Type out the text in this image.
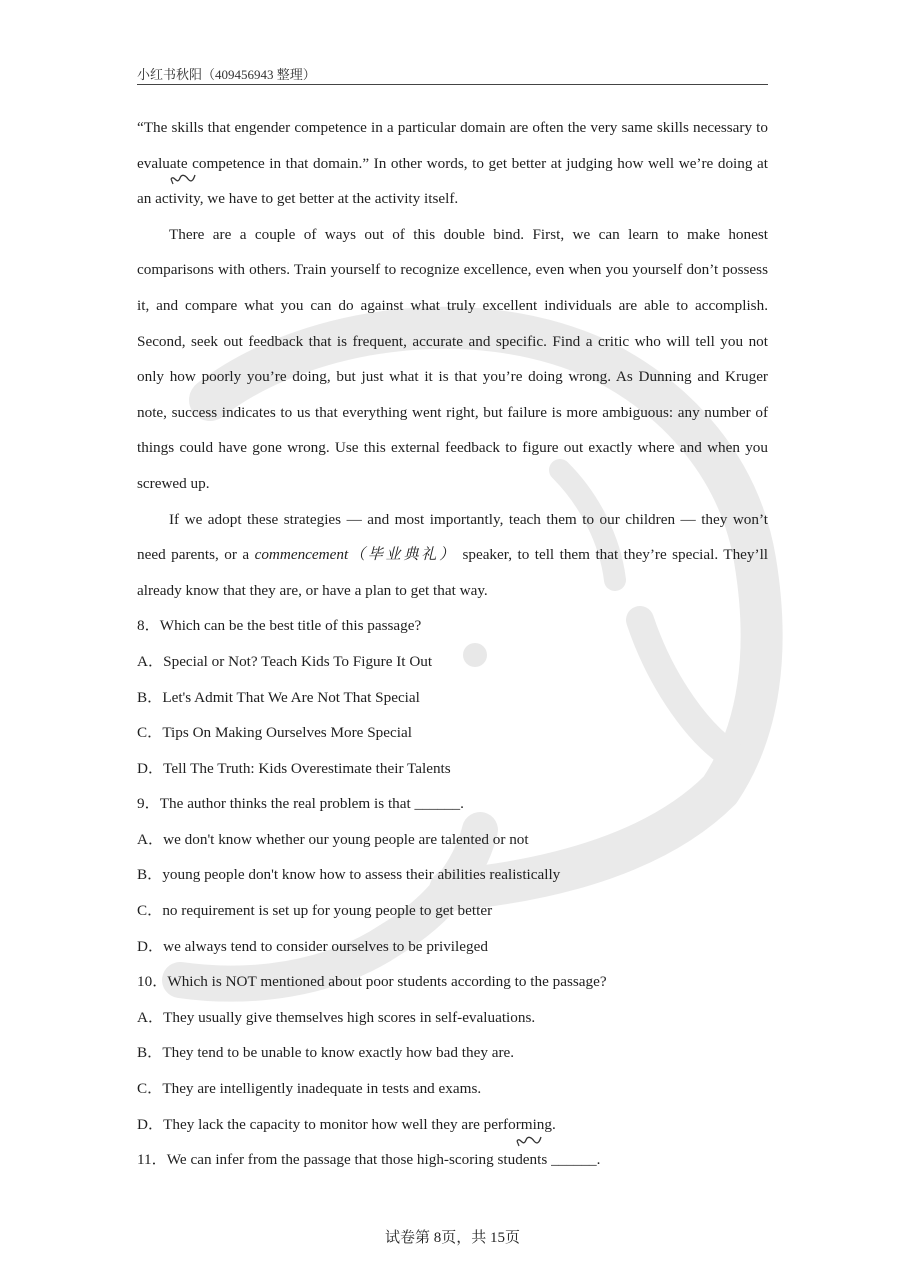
小红书秋阳（409456943 整理）

“The skills that engender competence in a particular domain are often the very same skills necessary to evaluate competence in that domain.” In other words, to get better at judging how well we’re doing at an activity, we have to get better at the activity itself.

There are a couple of ways out of this double bind. First, we can learn to make honest comparisons with others. Train yourself to recognize excellence, even when you yourself don’t possess it, and compare what you can do against what truly excellent individuals are able to accomplish. Second, seek out feedback that is frequent, accurate and specific. Find a critic who will tell you not only how poorly you’re doing, but just what it is that you’re doing wrong. As Dunning and Kruger note, success indicates to us that everything went right, but failure is more ambiguous: any number of things could have gone wrong. Use this external feedback to figure out exactly where and when you screwed up.

If we adopt these strategies — and most importantly, teach them to our children — they won’t need parents, or a commencement（毕业典礼） speaker, to tell them that they’re special. They’ll already know that they are, or have a plan to get that way.

8．Which can be the best title of this passage?

A．Special or Not? Teach Kids To Figure It Out

B．Let's Admit That We Are Not That Special

C．Tips On Making Ourselves More Special

D．Tell The Truth: Kids Overestimate their Talents

9．The author thinks the real problem is that ______.

A．we don't know whether our young people are talented or not

B．young people don't know how to assess their abilities realistically

C．no requirement is set up for young people to get better

D．we always tend to consider ourselves to be privileged

10．Which is NOT mentioned about poor students according to the passage?

A．They usually give themselves high scores in self-evaluations.

B．They tend to be unable to know exactly how bad they are.

C．They are intelligently inadequate in tests and exams.

D．They lack the capacity to monitor how well they are performing.

11．We can infer from the passage that those high-scoring students ______.

试卷第 8页，共 15页
